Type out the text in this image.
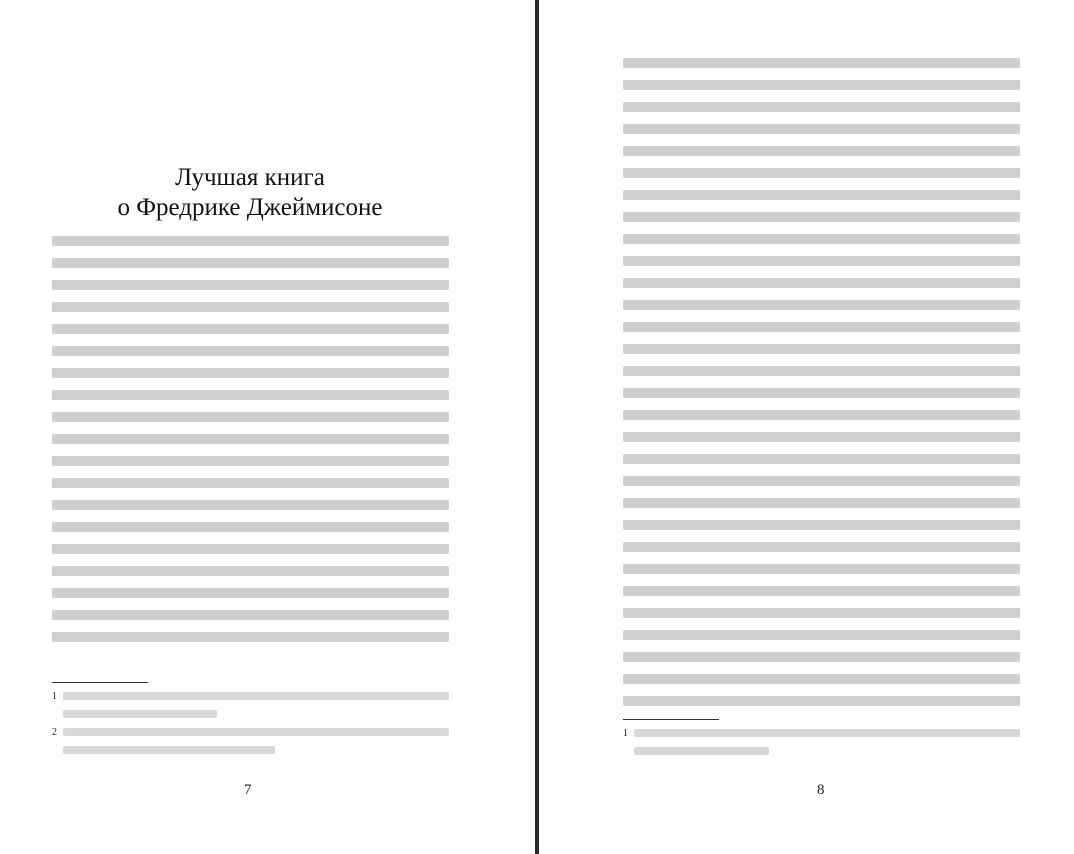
Лучшая книга
о Фредрике Джеймисоне
1
2

7

1

8
